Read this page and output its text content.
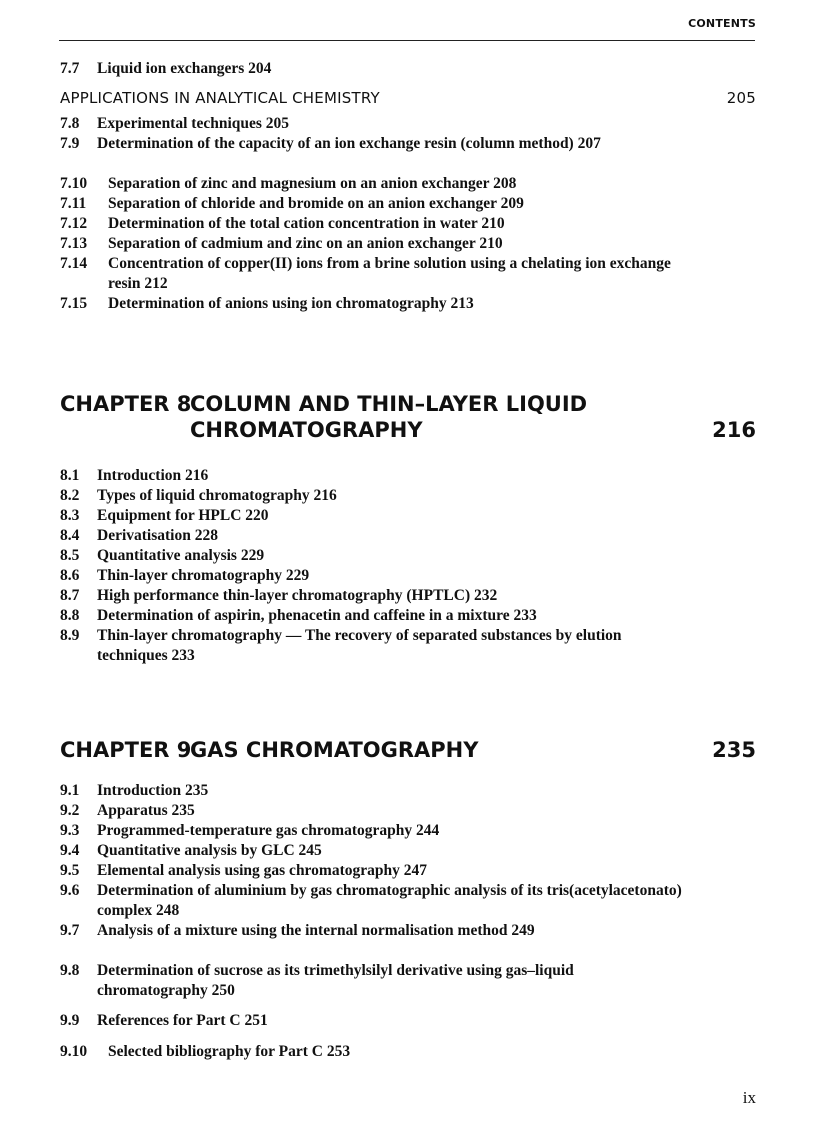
CONTENTS
7.7	Liquid ion exchangers 204
APPLICATIONS IN ANALYTICAL CHEMISTRY	205
7.8	Experimental techniques 205
7.9	Determination of the capacity of an ion exchange resin (column method) 207
7.10	Separation of zinc and magnesium on an anion exchanger 208
7.11	Separation of chloride and bromide on an anion exchanger 209
7.12	Determination of the total cation concentration in water 210
7.13	Separation of cadmium and zinc on an anion exchanger 210
7.14	Concentration of copper(II) ions from a brine solution using a chelating ion exchange resin 212
7.15	Determination of anions using ion chromatography 213
CHAPTER 8
COLUMN AND THIN–LAYER LIQUID
CHROMATOGRAPHY	216
8.1	Introduction 216
8.2	Types of liquid chromatography 216
8.3	Equipment for HPLC 220
8.4	Derivatisation 228
8.5	Quantitative analysis 229
8.6	Thin-layer chromatography 229
8.7	High performance thin-layer chromatography (HPTLC) 232
8.8	Determination of aspirin, phenacetin and caffeine in a mixture 233
8.9	Thin-layer chromatography — The recovery of separated substances by elution techniques 233
CHAPTER 9
GAS CHROMATOGRAPHY	235
9.1	Introduction 235
9.2	Apparatus 235
9.3	Programmed-temperature gas chromatography 244
9.4	Quantitative analysis by GLC 245
9.5	Elemental analysis using gas chromatography 247
9.6	Determination of aluminium by gas chromatographic analysis of its tris(acetylacetonato) complex 248
9.7	Analysis of a mixture using the internal normalisation method 249
9.8	Determination of sucrose as its trimethylsilyl derivative using gas–liquid chromatography 250
9.9	References for Part C 251
9.10	Selected bibliography for Part C 253
ix
